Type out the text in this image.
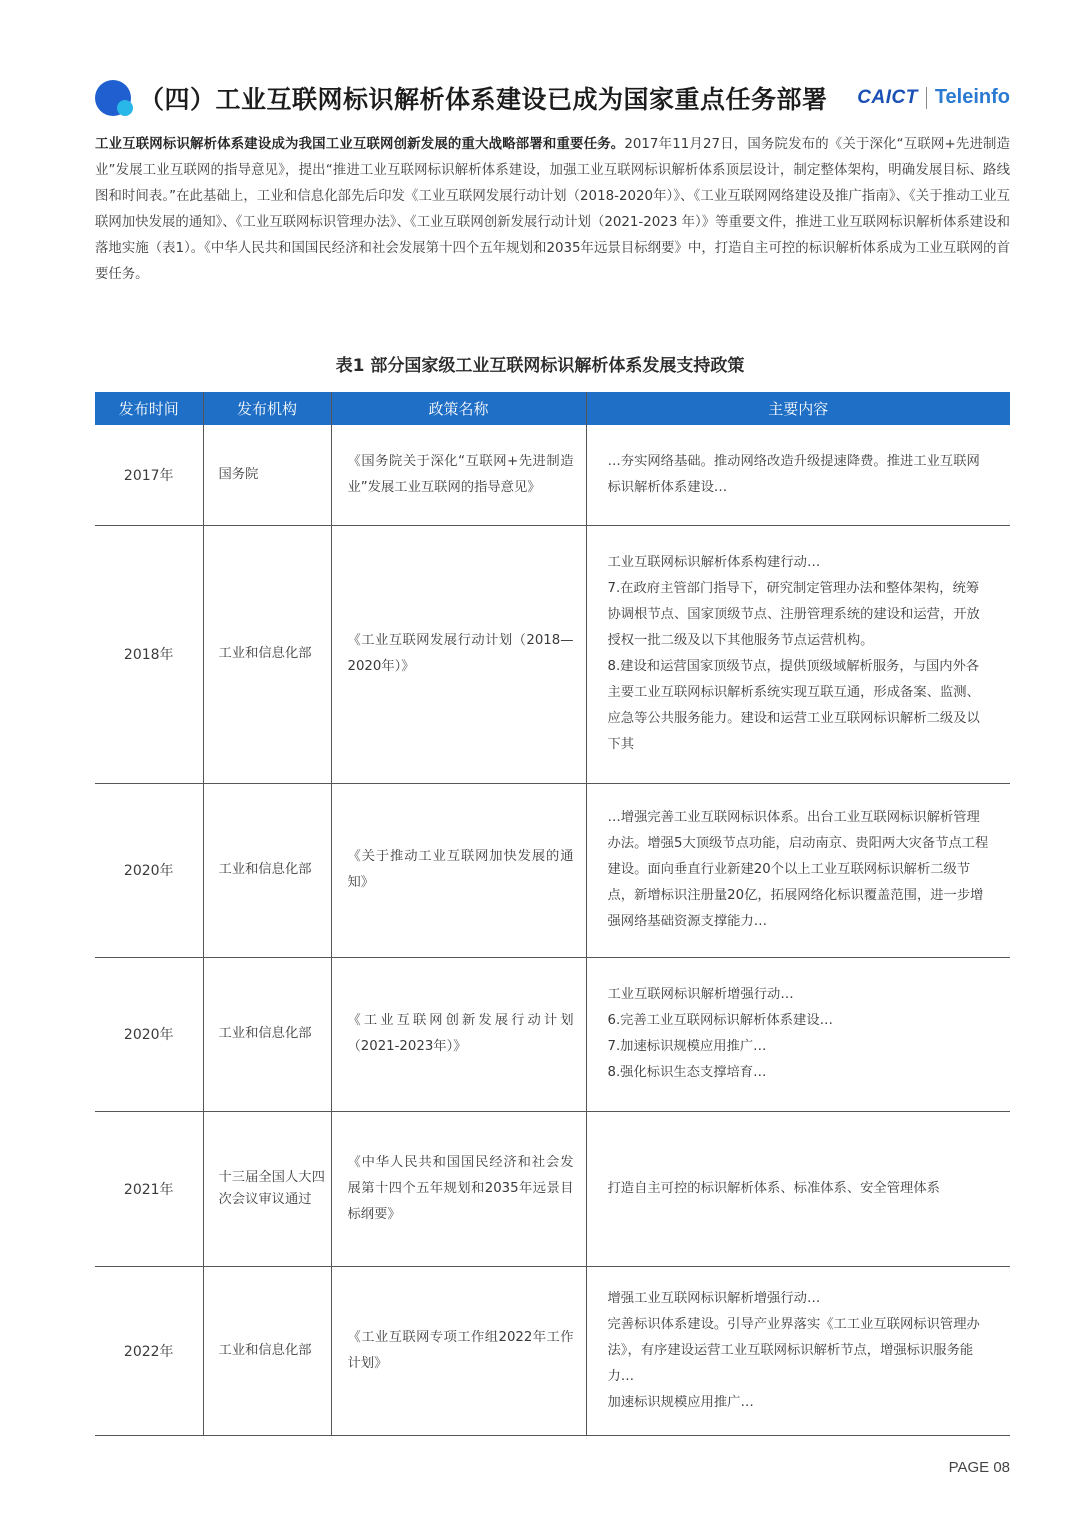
（四）工业互联网标识解析体系建设已成为国家重点任务部署 CAICT Teleinfo
工业互联网标识解析体系建设成为我国工业互联网创新发展的重大战略部署和重要任务。2017年11月27日，国务院发布的《关于深化“互联网+先进制造业”发展工业互联网的指导意见》，提出“推进工业互联网标识解析体系建设，加强工业互联网标识解析体系顶层设计，制定整体架构，明确发展目标、路线图和时间表。”在此基础上，工业和信息化部先后印发《工业互联网发展行动计划（2018-2020年）》、《工业互联网网络建设及推广指南》、《关于推动工业互联网加快发展的通知》、《工业互联网标识管理办法》、《工业互联网创新发展行动计划（2021-2023 年）》等重要文件，推进工业互联网标识解析体系建设和落地实施（表1）。《中华人民共和国国民经济和社会发展第十四个五年规划和2035年远景目标纲要》中，打造自主可控的标识解析体系成为工业互联网的首要任务。
表1 部分国家级工业互联网标识解析体系发展支持政策
发布时间	发布机构	政策名称	主要内容
2017年	国务院	《国务院关于深化“互联网+先进制造业”发展工业互联网的指导意见》	…夯实网络基础。推动网络改造升级提速降费。推进工业互联网标识解析体系建设…

2018年	工业和信息化部	《工业互联网发展行动计划（2018—2020年）》	工业互联网标识解析体系构建行动…
7.在政府主管部门指导下，研究制定管理办法和整体架构，统筹协调根节点、国家顶级节点、注册管理系统的建设和运营，开放授权一批二级及以下其他服务节点运营机构。
8.建设和运营国家顶级节点，提供顶级域解析服务，与国内外各主要工业互联网标识解析系统实现互联互通，形成备案、监测、应急等公共服务能力。建设和运营工业互联网标识解析二级及以下其

2020年	工业和信息化部	《关于推动工业互联网加快发展的通知》	…增强完善工业互联网标识体系。出台工业互联网标识解析管理办法。增强5大顶级节点功能，启动南京、贵阳两大灾备节点工程建设。面向垂直行业新建20个以上工业互联网标识解析二级节点，新增标识注册量20亿，拓展网络化标识覆盖范围，进一步增强网络基础资源支撑能力…

2020年	工业和信息化部	《工业互联网创新发展行动计划（2021-2023年）》	工业互联网标识解析增强行动…
6.完善工业互联网标识解析体系建设…
7.加速标识规模应用推广…
8.强化标识生态支撑培育…

2021年	十三届全国人大四次会议审议通过	《中华人民共和国国民经济和社会发展第十四个五年规划和2035年远景目标纲要》	打造自主可控的标识解析体系、标准体系、安全管理体系

2022年	工业和信息化部	《工业互联网专项工作组2022年工作计划》	增强工业互联网标识解析增强行动…
完善标识体系建设。引导产业界落实《工工业互联网标识管理办法》，有序建设运营工业互联网标识解析节点，增强标识服务能力…
加速标识规模应用推广…
PAGE 08
